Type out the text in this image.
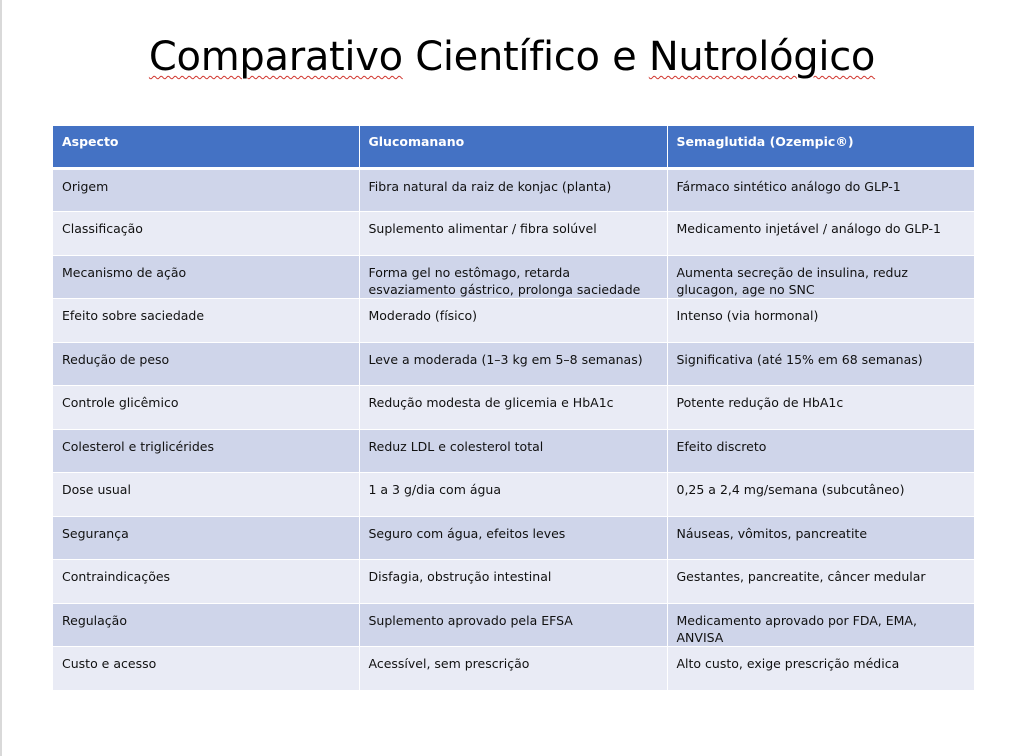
Comparativo Científico e Nutrológico
Aspecto	Glucomanano	Semaglutida (Ozempic®)
Origem	Fibra natural da raiz de konjac (planta)	Fármaco sintético análogo do GLP-1
Classificação	Suplemento alimentar / fibra solúvel	Medicamento injetável / análogo do GLP-1
Mecanismo de ação	Forma gel no estômago, retarda esvaziamento gástrico, prolonga saciedade	Aumenta secreção de insulina, reduz glucagon, age no SNC
Efeito sobre saciedade	Moderado (físico)	Intenso (via hormonal)
Redução de peso	Leve a moderada (1–3 kg em 5–8 semanas)	Significativa (até 15% em 68 semanas)
Controle glicêmico	Redução modesta de glicemia e HbA1c	Potente redução de HbA1c
Colesterol e triglicérides	Reduz LDL e colesterol total	Efeito discreto
Dose usual	1 a 3 g/dia com água	0,25 a 2,4 mg/semana (subcutâneo)
Segurança	Seguro com água, efeitos leves	Náuseas, vômitos, pancreatite
Contraindicações	Disfagia, obstrução intestinal	Gestantes, pancreatite, câncer medular
Regulação	Suplemento aprovado pela EFSA	Medicamento aprovado por FDA, EMA, ANVISA
Custo e acesso	Acessível, sem prescrição	Alto custo, exige prescrição médica
